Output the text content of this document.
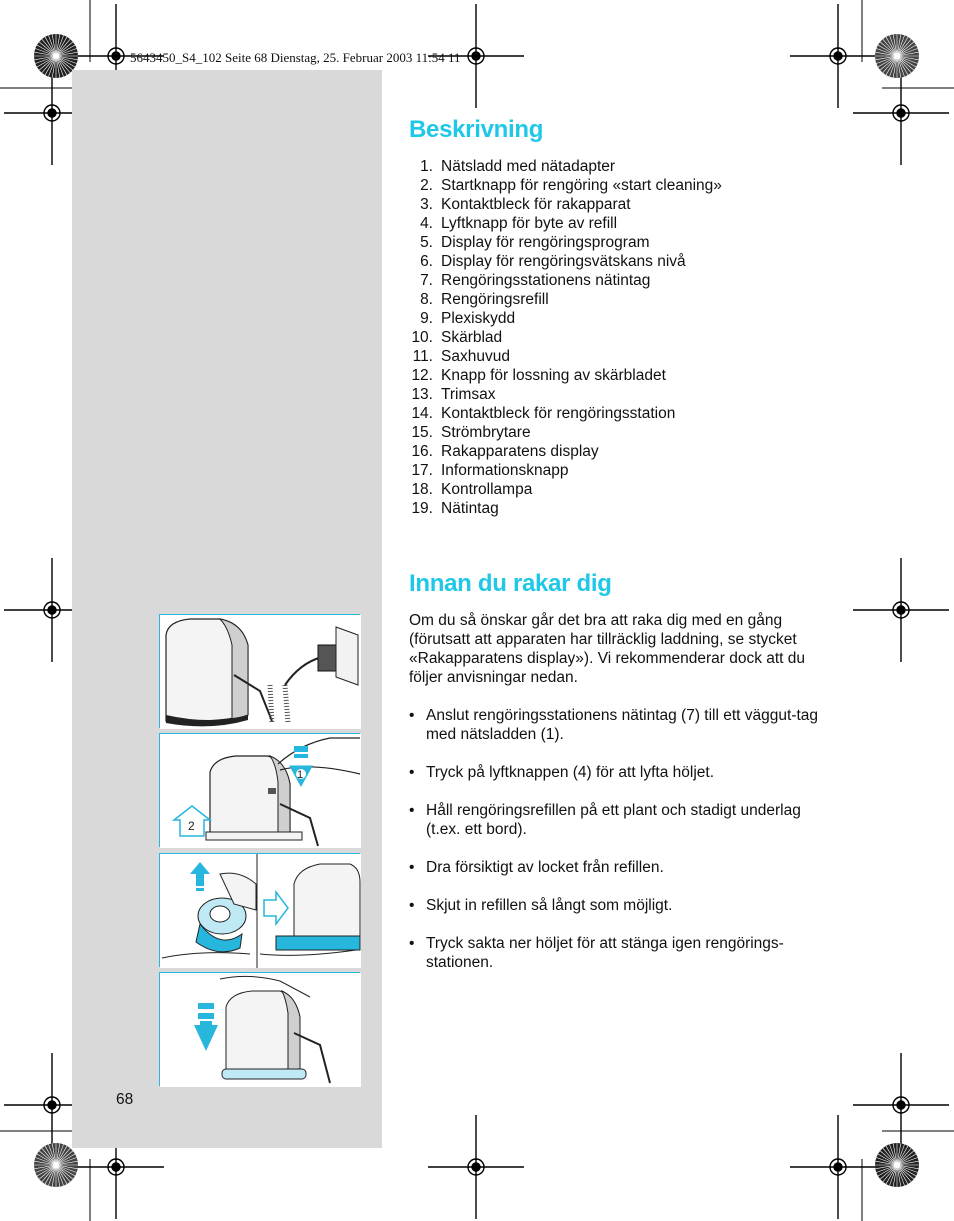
5643450_S4_102 Seite 68 Dienstag, 25. Februar 2003 11:54 11
Beskrivning
1. Nätsladd med nätadapter
2. Startknapp för rengöring «start cleaning»
3. Kontaktbleck för rakapparat
4. Lyftknapp för byte av refill
5. Display för rengöringsprogram
6. Display för rengöringsvätskans nivå
7. Rengöringsstationens nätintag
8. Rengöringsrefill
9. Plexiskydd
10. Skärblad
11. Saxhuvud
12. Knapp för lossning av skärbladet
13. Trimsax
14. Kontaktbleck för rengöringsstation
15. Strömbrytare
16. Rakapparatens display
17. Informationsknapp
18. Kontrollampa
19. Nätintag
Innan du rakar dig

Om du så önskar går det bra att raka dig med en gång (förutsatt att apparaten har tillräcklig laddning, se stycket «Rakapparatens display»). Vi rekommenderar dock att du följer anvisningar nedan.

• Anslut rengöringsstationens nätintag (7) till ett väggut-tag med nätsladden (1).
• Tryck på lyftknappen (4) för att lyfta höljet.
• Håll rengöringsrefillen på ett plant och stadigt underlag (t.ex. ett bord).
• Dra försiktigt av locket från refillen.
• Skjut in refillen så långt som möjligt.
• Tryck sakta ner höljet för att stänga igen rengörings-stationen.
68
1
2
